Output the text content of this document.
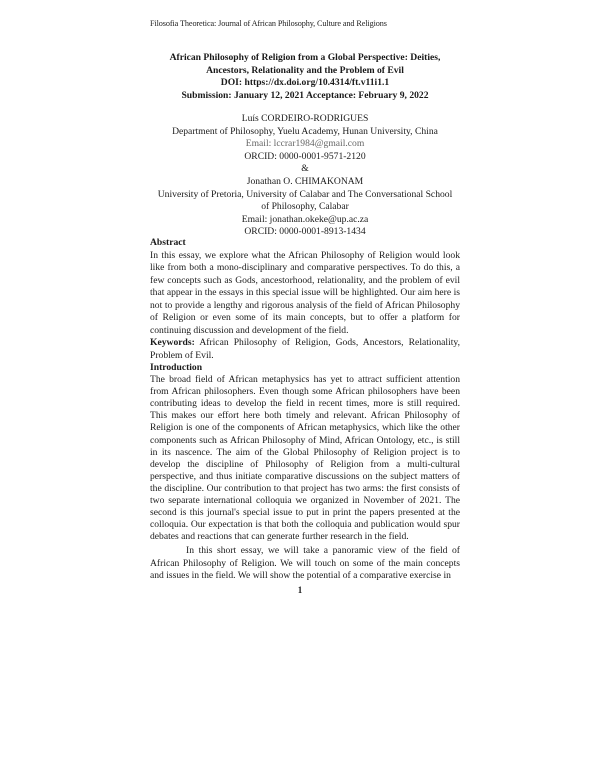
Filosofia Theoretica: Journal of African Philosophy, Culture and Religions
African Philosophy of Religion from a Global Perspective: Deities,
Ancestors, Relationality and the Problem of Evil
DOI: https://dx.doi.org/10.4314/ft.v11i1.1
Submission: January 12, 2021 Acceptance: February 9, 2022
Luís CORDEIRO-RODRIGUES
Department of Philosophy, Yuelu Academy, Hunan University, China
Email: lccrar1984@gmail.com
ORCID: 0000-0001-9571-2120
&
Jonathan O. CHIMAKONAM
University of Pretoria, University of Calabar and The Conversational School
of Philosophy, Calabar
Email: jonathan.okeke@up.ac.za
ORCID: 0000-0001-8913-1434
Abstract

In this essay, we explore what the African Philosophy of Religion would look like from both a mono-disciplinary and comparative perspectives. To do this, a few concepts such as Gods, ancestorhood, relationality, and the problem of evil that appear in the essays in this special issue will be highlighted. Our aim here is not to provide a lengthy and rigorous analysis of the field of African Philosophy of Religion or even some of its main concepts, but to offer a platform for continuing discussion and development of the field.

Keywords: African Philosophy of Religion, Gods, Ancestors, Relationality, Problem of Evil.

Introduction

The broad field of African metaphysics has yet to attract sufficient attention from African philosophers. Even though some African philosophers have been contributing ideas to develop the field in recent times, more is still required. This makes our effort here both timely and relevant. African Philosophy of Religion is one of the components of African metaphysics, which like the other components such as African Philosophy of Mind, African Ontology, etc., is still in its nascence. The aim of the Global Philosophy of Religion project is to develop the discipline of Philosophy of Religion from a multi-cultural perspective, and thus initiate comparative discussions on the subject matters of the discipline. Our contribution to that project has two arms: the first consists of two separate international colloquia we organized in November of 2021. The second is this journal's special issue to put in print the papers presented at the colloquia. Our expectation is that both the colloquia and publication would spur debates and reactions that can generate further research in the field.

In this short essay, we will take a panoramic view of the field of African Philosophy of Religion. We will touch on some of the main concepts and issues in the field. We will show the potential of a comparative exercise in

1
